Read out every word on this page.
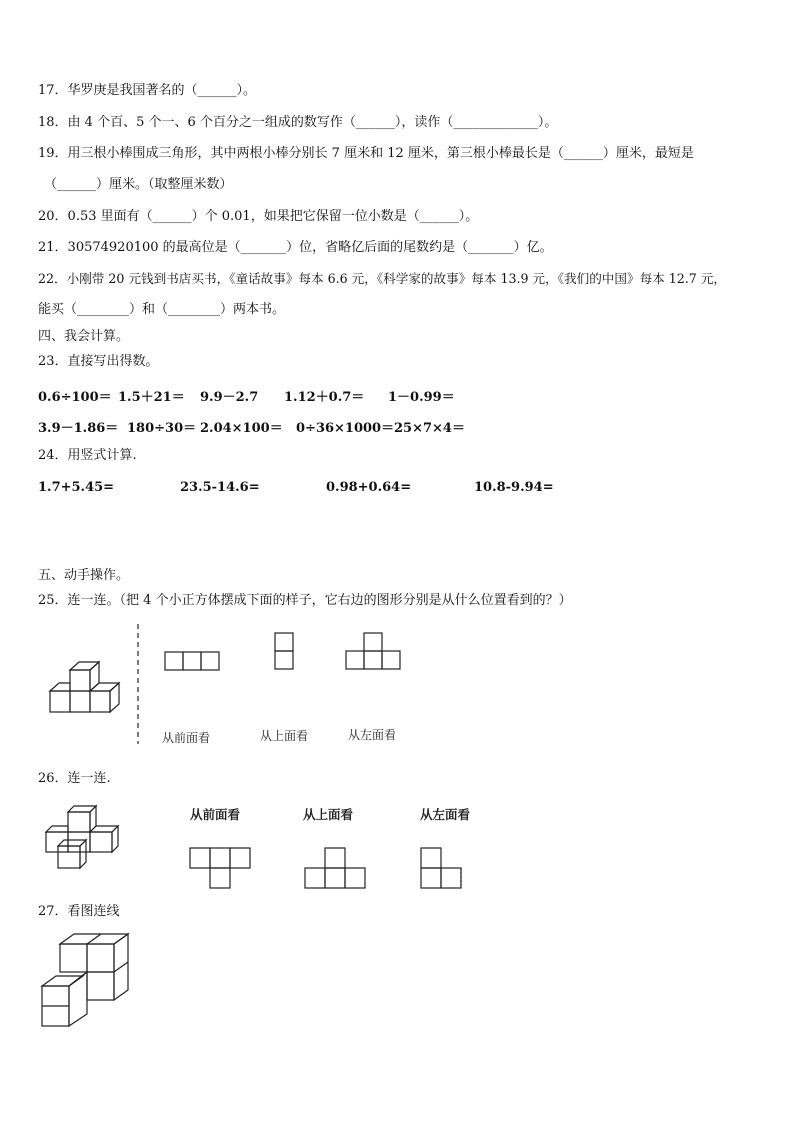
17．华罗庚是我国著名的（______）。
18．由 4 个百、5 个一、6 个百分之一组成的数写作（______），读作（_____________）。
19．用三根小棒围成三角形，其中两根小棒分别长 7 厘米和 12 厘米，第三根小棒最长是（______）厘米，最短是
（______）厘米。（取整厘米数）
20．0.53 里面有（______）个 0.01，如果把它保留一位小数是（______）。
21．30574920100 的最高位是（_______）位，省略亿后面的尾数约是（_______）亿。
22．小刚带 20 元钱到书店买书，《童话故事》每本 6.6 元，《科学家的故事》每本 13.9 元，《我们的中国》每本 12.7 元，
能买（________）和（________）两本书。
四、我会计算。
23．直接写出得数。
0.6÷100＝ 1.5＋21＝ 9.9－2.7 1.12＋0.7＝ 1－0.99＝
3.9－1.86＝ 180÷30＝ 2.04×100＝ 0÷36×1000＝ 25×7×4＝
24．用竖式计算.
1.7+5.45=	23.5-14.6=	0.98+0.64=	10.8-9.94=
五、动手操作。
25．连一连。（把 4 个小正方体摆成下面的样子，它右边的图形分别是从什么位置看到的？）
从前面看	从上面看	从左面看
26．连一连.
从前面看	从上面看	从左面看
27．看图连线
